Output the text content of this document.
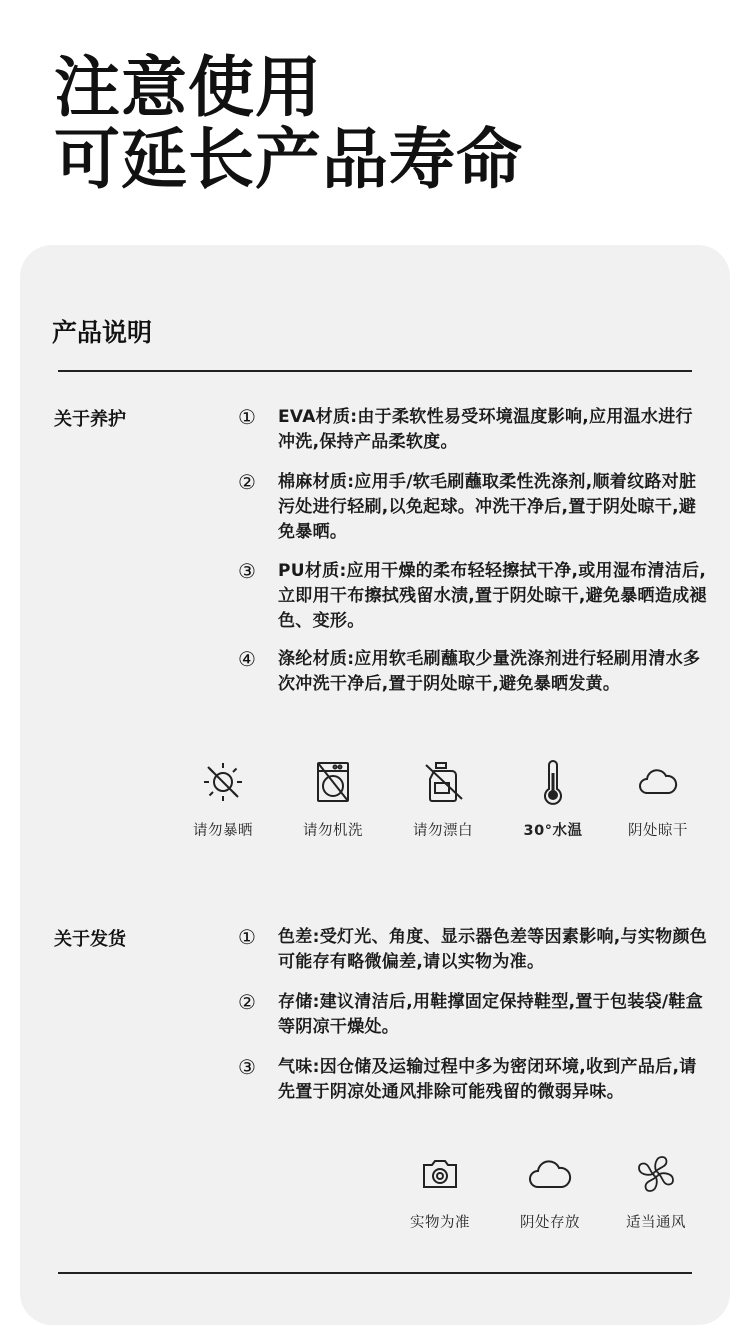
注意使用
可延长产品寿命
产品说明
关于养护	①	EVA材质:由于柔软性易受环境温度影响,应用温水进行冲洗,保持产品柔软度。
②	棉麻材质:应用手/软毛刷蘸取柔性洗涤剂,顺着纹路对脏污处进行轻刷,以免起球。冲洗干净后,置于阴处晾干,避免暴晒。
③	PU材质:应用干燥的柔布轻轻擦拭干净,或用湿布清洁后,立即用干布擦拭残留水渍,置于阴处晾干,避免暴晒造成褪色、变形。
④	涤纶材质:应用软毛刷蘸取少量洗涤剂进行轻刷用清水多次冲洗干净后,置于阴处晾干,避免暴晒发黄。
请勿暴晒	请勿机洗	请勿漂白	30°水温	阴处晾干
关于发货	①	色差:受灯光、角度、显示器色差等因素影响,与实物颜色可能存有略微偏差,请以实物为准。
②	存储:建议清洁后,用鞋撑固定保持鞋型,置于包装袋/鞋盒等阴凉干燥处。
③	气味:因仓储及运输过程中多为密闭环境,收到产品后,请先置于阴凉处通风排除可能残留的微弱异味。
实物为准	阴处存放	适当通风
